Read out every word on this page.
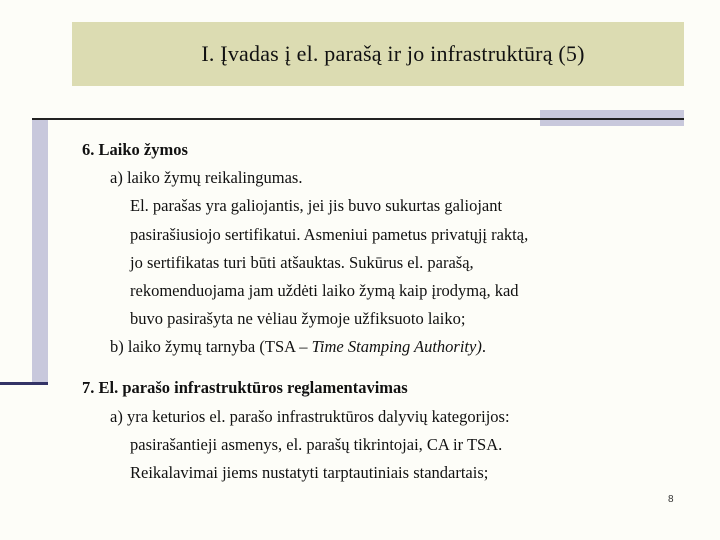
I. Įvadas į el. parašą ir jo infrastruktūrą (5)
6. Laiko žymos
a) laiko žymų reikalingumas.
El. parašas yra galiojantis, jei jis buvo sukurtas galiojant
pasirašiusiojo sertifikatui. Asmeniui pametus privatųjį raktą,
jo sertifikatas turi būti atšauktas. Sukūrus el. parašą,
rekomenduojama jam uždėti laiko žymą kaip įrodymą, kad
buvo pasirašyta ne vėliau žymoje užfiksuoto laiko;
b) laiko žymų tarnyba (TSA – Time Stamping Authority).
7. El. parašo infrastruktūros reglamentavimas
a) yra keturios el. parašo infrastruktūros dalyvių kategorijos:
pasirašantieji asmenys, el. parašų tikrintojai, CA ir TSA.
Reikalavimai jiems nustatyti tarptautiniais standartais;
8
